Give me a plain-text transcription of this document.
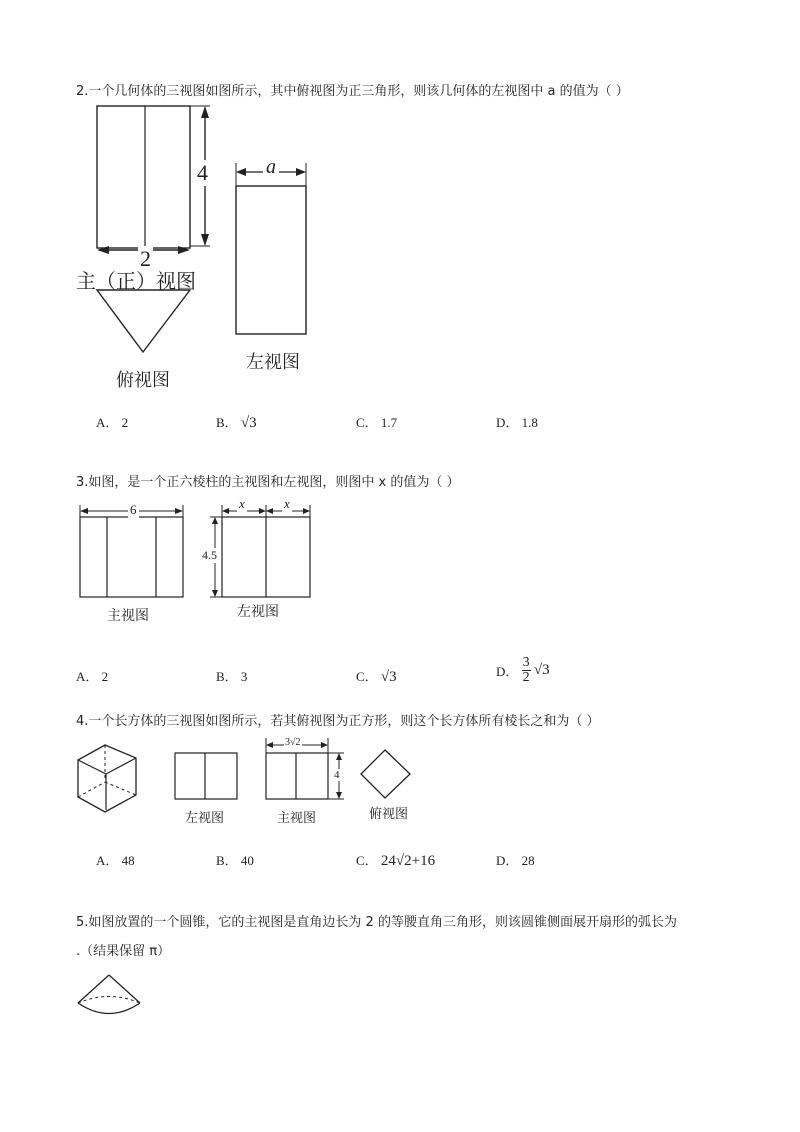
2.一个几何体的三视图如图所示，其中俯视图为正三角形，则该几何体的左视图中 a 的值为（ ）
4
2
a
主（正）视图
俯视图
左视图
A． 2	B． √3	C． 1.7	D． 1.8
3.如图，是一个正六棱柱的主视图和左视图，则图中 x 的值为（ ）
6	x	x
4.5
主视图	左视图
A． 2	B． 3	C． √3	D． $\frac{3}{2} √3$
4.一个长方体的三视图如图所示，若其俯视图为正方形，则这个长方体所有棱长之和为（ ）
3√2
4
左视图	主视图	俯视图
A． 48	B． 40	C． 24√2+16	D． 28
5.如图放置的一个圆锥，它的主视图是直角边长为 2 的等腰直角三角形，则该圆锥侧面展开扇形的弧长为
.（结果保留 π）
